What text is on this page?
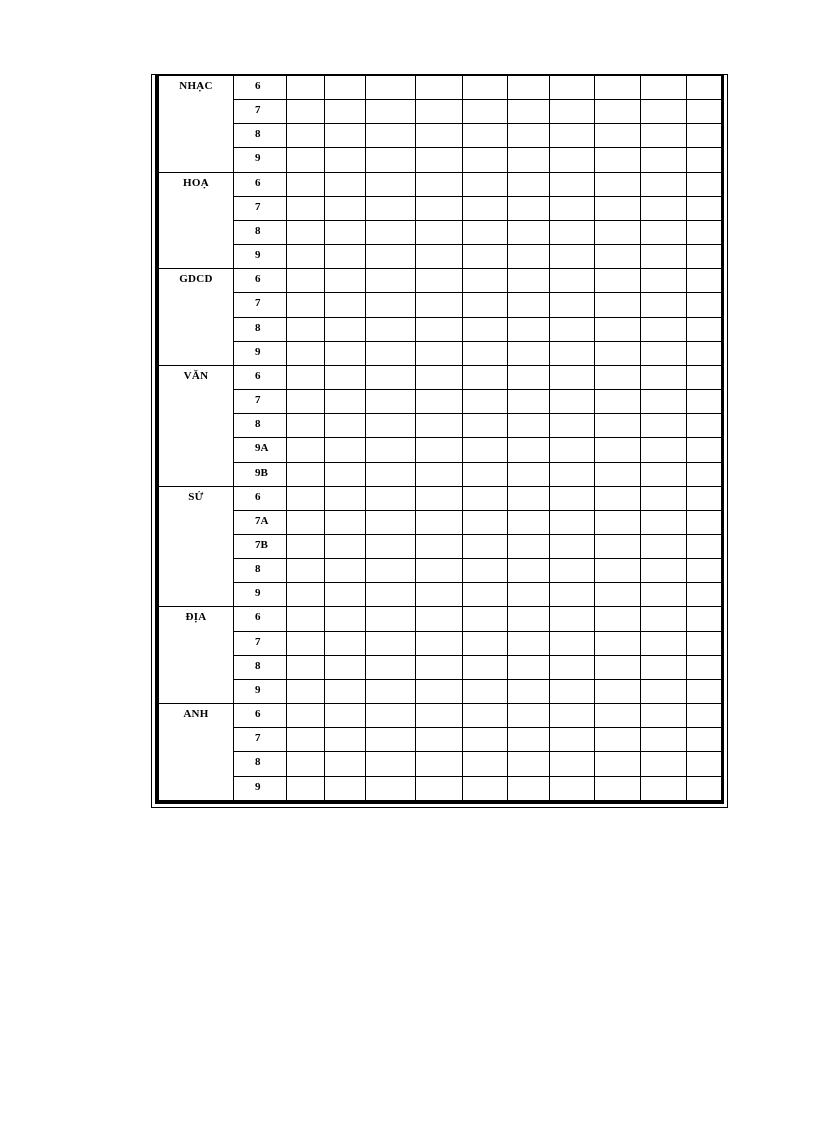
NHẠC	6											
	7											
	8											
	9											
HOẠ	6											
	7											
	8											
	9											
GDCD	6											
	7											
	8											
	9											
VĂN	6											
	7											
	8											
	9A											
	9B											
SỬ	6											
	7A											
	7B											
	8											
	9											
ĐỊA	6											
	7											
	8											
	9											
ANH	6											
	7											
	8											
	9											
